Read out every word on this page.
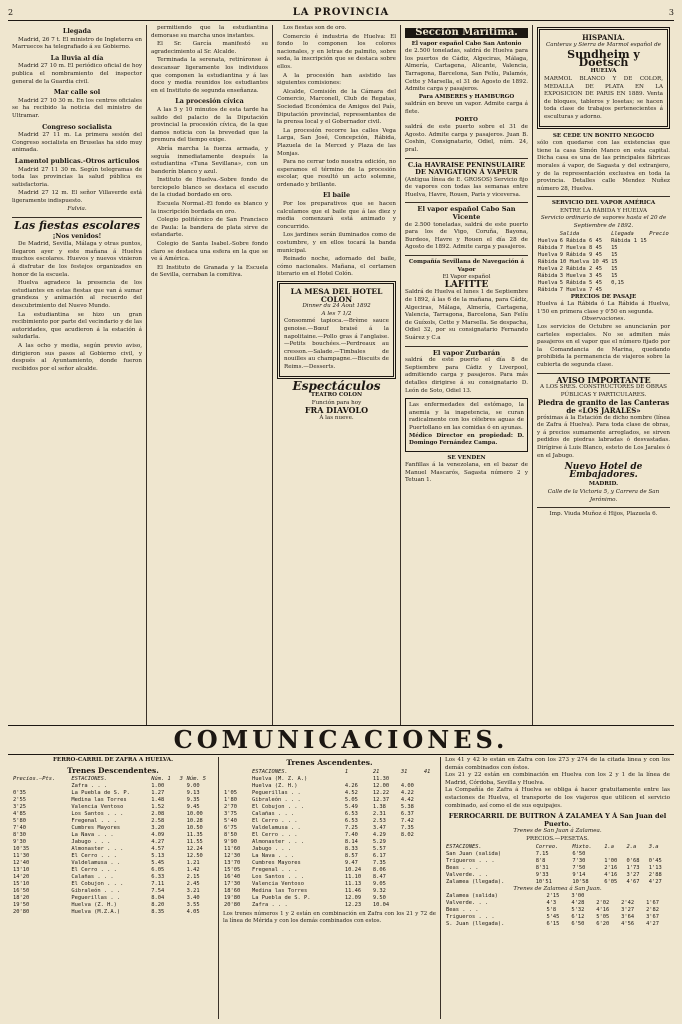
2	LA PROVINCIA	3
Llegada

Madrid, 26 7 t. El ministro de Ingleterra en Marruecos ha telegrafiado á su Gobierno.

La lluvia al día

Madrid 27 10 m. El periódico oficial de hoy publica el nombramiento del inspector general de la Guardia civil.

Mar calle sol

Madrid 27 10 30 m. En los centros oficiales se ha recibido la noticia del ministro de Ultramar.

Congreso socialista

Madrid 27 11 m. La primera sesión del Congreso socialista en Bruselas ha sido muy animada.

Lamentol publicas.-Otros articulos

Madrid 27 11 30 m. Según telegramas de toda las provincias la salud pública es satisfactoria.

Madrid 27 12 m. El señor Villaverde está ligeramente indispuesto.

Fulvia.
Las fiestas escolares
¡Nos venidos!

De Madrid, Sevilla, Málaga y otras puntos, llegaron ayer y este mañana á Huelva muchos escolares. Huevos y nuevos vinieron á disfrutar de los festejos organizados en honor de la escuela.

Huelva agradece la presencia de los estudiantes en estas fiestas que van á sumar grandeza y animación al recuerdo del descubrimiento del Nuevo Mundo.

La estudiantina se hizo un gran recibimiento por parte del vecindario y de las autoridades, que acudieron á la estación á saludarla.

A las ocho y media, según previo aviso, dirigieron sus pasos al Gobierno civil, y después al Ayuntamiento, donde fueron recibidos por el señor alcalde.

permitiendo que la estudiantina demorase su marcha unos instantes.

El Sr. García manifestó su agradecimiento al Sr. Alcalde.

Terminada la serenata, retiráronse á descansar ligeramente los individuos que componen la estudiantina y á las doce y media reunidos los estudiantes en el Instituto de segunda enseñanza.

La procesión cívica

A las 5 y 10 minutos de esta tarde ha salido del palacio de la Diputación provincial la procesión cívica, de la que damos noticia con la brevedad que la premura del tiempo exige.

Abría marcha la fuerza armada, y seguía inmediatamente después la estudiantina «Tuna Sevillana», con un banderín blanco y azul.

Instituto de Huelva.-Sobre fondo de terciopelo blanco se destaca el escudo de la ciudad bordado en oro.

Escuela Normal.-El fondo es blanco y la inscripción bordada en oro.

Colegio politécnico de San Francisco de Paula: la bandera de plata sirve de estandarte.

Colegio de Santa Isabel.-Sobre fondo claro se destaca una esfera en la que se ve á América.

El Instituto de Granada y la Escuela de Sevilla, cerraban la comitiva.

Los fiestas son de oro.

Comercio é industria de Huelva: El fondo lo componen los colores nacionales, y en letras de palmito, sobre seda, la inscripción que se destaca sobre ellos.

A la procesión han asistido las siguientes comisiones:

Alcalde, Comisión de la Cámara del Comercio, Marconell, Club de Regatas, Sociedad Económica de Amigos del País, Diputación provincial, representantes de la prensa local y el Gobernador civil.

La procesión recorre las calles Vega Larga, San José, Concepción, Rábida, Plazuela de la Merced y Plaza de las Monjas.

Para no cerrar todo nuestra edición, no esperamos el término de la procesión escolar, que resultó un acto solemne, ordenado y brillante.

El baile

Por los preparativos que se hacen calculamos que el baile que á las diez y media comenzará está animado y concurrido.

Los jardines serán iluminados como de costumbre, y en ellos tocará la banda municipal.

Reinado noche, adornado del baile, cómo nacionales. Mañana, el certamen literario en el Hotel Colón.

LA MESA DEL HOTEL COLON
Dinner du 24 Aout 1892
A les 7 1/2
Consommé tapioca.—Brème sauce genoise.—Bœuf braisé á la napolitaine.—Pollo gras á l'anglaise.—Petits bouchées.—Perdreaux au cresson.—Salade.—Timbales de nouilles au champagne.—Biscuits de Reims.—Desserts.
Espectáculos
TEATRO COLON
Función para hoy
FRA DIAVOLO
Á las nueve.
Sección Marítima.
El vapor español Cabo San Antonio
de 2.500 toneladas, saldrá de Huelva para los puertos de Cádiz, Algeciras, Málaga, Almería, Cartagena, Alicante, Valencia, Tarragona, Barcelona, San Felíu, Palamós, Cette y Marsella, el 31 de Agosto de 1892. Admite carga y pasajeros.
Para AMBERES y HAMBURGO
saldrán en breve un vapor. Admite carga á flete.
PORTO
saldrá de este puerto sobre el 31 de Agosto. Admite carga y pasajeros. Juan B. Coshin, Consignatario, Odiel, núm. 24, pral.
C.ia HAVRAISE PENINSULAIRE DE NAVIGATION Á VAPEUR
(Antigua línea de E. GROSOS) Servicio fijo de vapores con todas las semanas entre Huelva, Havre, Rouen, Paris y viceversa.
El vapor español Cabo San Vicente
de 2.500 toneladas, saldrá de este puerto para los de Vigo, Coruña, Bayona, Burdeos, Havre y Rouen el día 28 de Agosto de 1892. Admite carga y pasajeros.
Compañía Sevillana de Navegación á Vapor
El Vapor español
LAFITTE
Saldrá de Huelva el lunes 1 de Septiembre de 1892, á las 6 de la mañana, para Cádiz, Algeciras, Málaga, Almería, Cartagena, Valencia, Tarragona, Barcelona, San Felíu de Guíxols, Cette y Marsella. Se despacha, Odiel 32, por su consignatario Fernando Suárez y C.a
El vapor Zurbarán
saldrá de este puerto el día 8 de Septiembre para Cádiz y Liverpool, admitiendo carga y pasajeros. Para más detalles dirigirse á su consignatario D. León de Soto, Odiel 13.
Las enfermedades del estómago, la anemia y la inapetencia, se curan radicalmente con los célebres aguas de Puertollano en las comidas ó en ayunas.
Médico Director en propiedad: D. Domingo Fernández Campa.
SE VENDEN
Fanfillas á la venezolana, en el bazar de Manuel Mascarós, Sagasta número 2 y Tetuan 1.
HISPANIA.
Canteras y Sierra de Marmol español de
Sundheim y Doetsch
HUELVA
MARMOL BLANCO Y DE COLOR, MEDALLA DE PLATA EN LA EXPOSICION DE PARIS EN 1889. Venta de bloques, tableros y losetas; se hacen toda clase de trabajos pertenecientes á esculturas y adorno.
SE CEDE UN BONITO NEGOCIO
sólo con quedarse con las existencias que tiene la casa Simón Manco en esta capital. Dicha casa es una de las principales fábricas morales á vapor, de Sagasta y del extranjero, y de la representación exclusiva en toda la provincia. Detalles calle Mendez Nuñez número 28, Huelva.
SERVICIO DEL VAPOR AMÉRICA
ENTRE LA RÁBIDA Y HUELVA
Servicio ordinario de vapores hasta el 20 de Septiembre de 1892.
	Salida	Llegada	Precio
Huelva	6 Rábida 6 45	Rábida 1 15	
Rábida	7 Huelva 8 45	15	
Huelva	9 Rábida 9 45	15	
Rábida	10 Huelva 10 45	15	
Huelva	2 Rábida 2 45	15	
Rábida	3 Huelva 3 45	15	
Huelva	5 Rábida 5 45	0,15	
Rábida	7 Huelva 7 45		
PRECIOS DE PASAJE
Huelva á La Rábida ó La Rábida á Huelva, 1'50 en primera clase y 0'50 en segunda.
Observaciones.
Los servicios de Octubre se anunciarán por carteles especiales. No se admiten más pasajeros en el vapor que el número fijado por la Comandancia de Marina, quedando prohibida la permanencia de viajeros sobre la cubierta de segunda clase.
AVISO IMPORTANTE
A LOS SRES. CONSTRUCTORES DE OBRAS PÚBLICAS Y PARTICULARES.
Piedra de granito de las Canteras de «LOS JARALES»
próximas á la Estación de dicho nombre (línea de Zafra á Huelva). Para toda clase de obras, y á precios sumamente arreglados, se sirven pedidos de piedras labradas ó desvastadas. Dirígirse á Luis Blanco, esteto de Los Jarales ó en el Jabugo.
Nuevo Hotel de Embajadores.
MADRID.
Calle de la Victoria 5, y Carrera de San Jerónimo.
Imp. Viuda Muñoz é Hijos, Plazuela 6.
COMUNICACIONES.
FERRO-CARRIL DE ZAFRA Á HUELVA.
Trenes Descendentes.
Precios.—Pts.	ESTACIONES.	Núm. 1	3	Núm. 5
	Zafra . . .	1.00		9.00
0'35	La Puebla de S. P.	1.27		9.13
2'55	Medina las Torres	1.48		9.35
3'25	Valencia Ventoso	1.52		9.45
4'85	Los Santos . . .	2.08		10.00
5'80	Fregenal . . .	2.58		10.28
7'40	Cumbres Mayores	3.20		10.50
8'30	La Nava . . .	4.09		11.35
9'30	Jabugo . . .	4.27		11.55
10'35	Almonaster . . .	4.57		12.24
11'30	El Cerro . . .	5.13		12.50
12'40	Valdelamusa . .	5.45		1.21
13'10	El Cerro . . .	6.05		1.42
14'20	Calañas . . .	6.33		2.15
15'10	El Cobujon . . .	7.11		2.45
16'50	Gibraleón . . .	7.54		3.21
18'20	Peguerillas . .	8.04		3.40
19'50	Huelva (Z. H.)	8.20		3.55
20'80	Huelva (M.Z.A.)	8.35		4.05
Trenes Ascendentes.
	ESTACIONES.	1	21	31	41
	Huelva (M. Z. A.)		11.30		
	Huelva (Z. H.)	4.26	12.00	4.00	
1'05	Peguerillas . .	4.52	12.22	4.22	
1'80	Gibraleón . . .	5.05	12.37	4.42	
2'70	El Cobujon . . .	5.49	1.38	5.38	
3'75	Calañas . . .	6.53	2.31	6.37	
5'40	El Cerro . . .	6.53	2.53	7.42	
6'75	Valdelamusa . .	7.25	3.47	7.35	
8'50	El Cerro . . .	7.40	4.29	8.02	
9'90	Almonaster . . .	8.14	5.29		
11'60	Jabugo . . .	8.33	5.57		
12'30	La Nava . . .	8.57	6.17		
13'70	Cumbres Mayores	9.47	7.35		
15'05	Fregenal . . .	10.24	8.06		
16'40	Los Santos . . .	11.10	8.47		
17'30	Valencia Ventoso	11.13	9.05		
18'60	Medina las Torres	11.46	9.32		
19'80	La Puebla de S. P.	12.09	9.50		
20'80	Zafra . . .	12.23	10.04		
Los trenes números 1 y 2 están en combinación en Zafra con los 21 y 72 de la línea de Mérida y con los demás combinados con estos.
Los 41 y 42 lo están en Zafra con los 273 y 274 de la citada línea y con los demás combinados con éstos.
Los 21 y 22 están en combinación en Huelva con los 2 y 1 de la línea de Madrid, Córdoba, Sevilla y Huelva.
La Compañía de Zafra á Huelva se obliga á hacer gratuitamente entre las estaciones de Huelva, el transporte de los viajeros que utilicen el servicio combinado, así como el de sus equipajes.
FERROCARRIL DE BUITRON Á ZALAMEA Y Á San Juan del Puerto.
Trenes de San Juan á Zalamea.
PRECIOS.—PESETAS.
ESTACIONES.	Correo.	Mixto.	1.a	2.a	3.a
San Juan (salida)	7.15	6'50			
Trigueros . . .	8'8	7'30	1'00	0'68	0'45
Beas . . .	8'31	7'50	2'16	1'73	1'13
Valverde. . .	9'33	9'14	4'16	3'27	2'88
Zalamea (llegada).	10'51	10'58	6'05	4'67	4'27
Trenes de Zalamea á San Juan.
Zalamea (salida)	2'15	3'00			
Valverde. . .	4'3	4'28	2'02	2'42	1'67
Beas . . .	5'8	5'32	4'16	3'27	2'82
Trigueros . . .	5'45	6'12	5'05	3'64	3'67
S. Juan (llegada).	6'15	6'50	6'20	4'56	4'27
